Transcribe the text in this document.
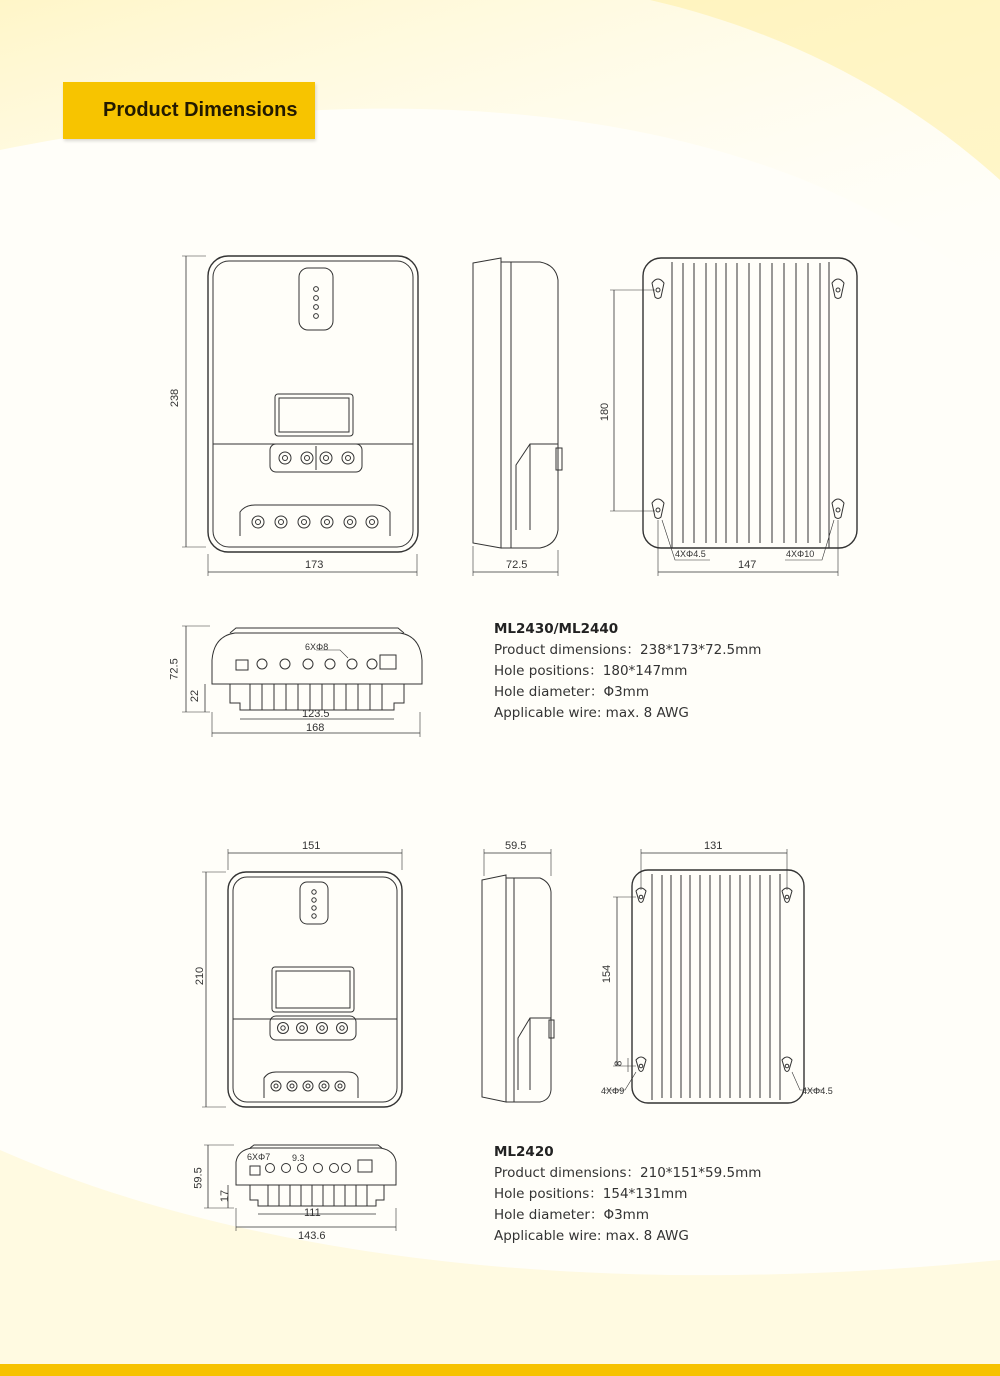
Product Dimensions
238
173	72.5
180
147
4XΦ4.5	4XΦ10
72.5
22
6XΦ8
123.5
168
151
210
59.5	131
154
8
4XΦ9	4XΦ4.5
59.5
17
6XΦ7 9.3
111
143.6
ML2430/ML2440
Product dimensions：238*173*72.5mm
Hole positions：180*147mm
Hole diameter：Φ3mm
Applicable wire: max. 8 AWG
ML2420
Product dimensions：210*151*59.5mm
Hole positions：154*131mm
Hole diameter：Φ3mm
Applicable wire: max. 8 AWG
